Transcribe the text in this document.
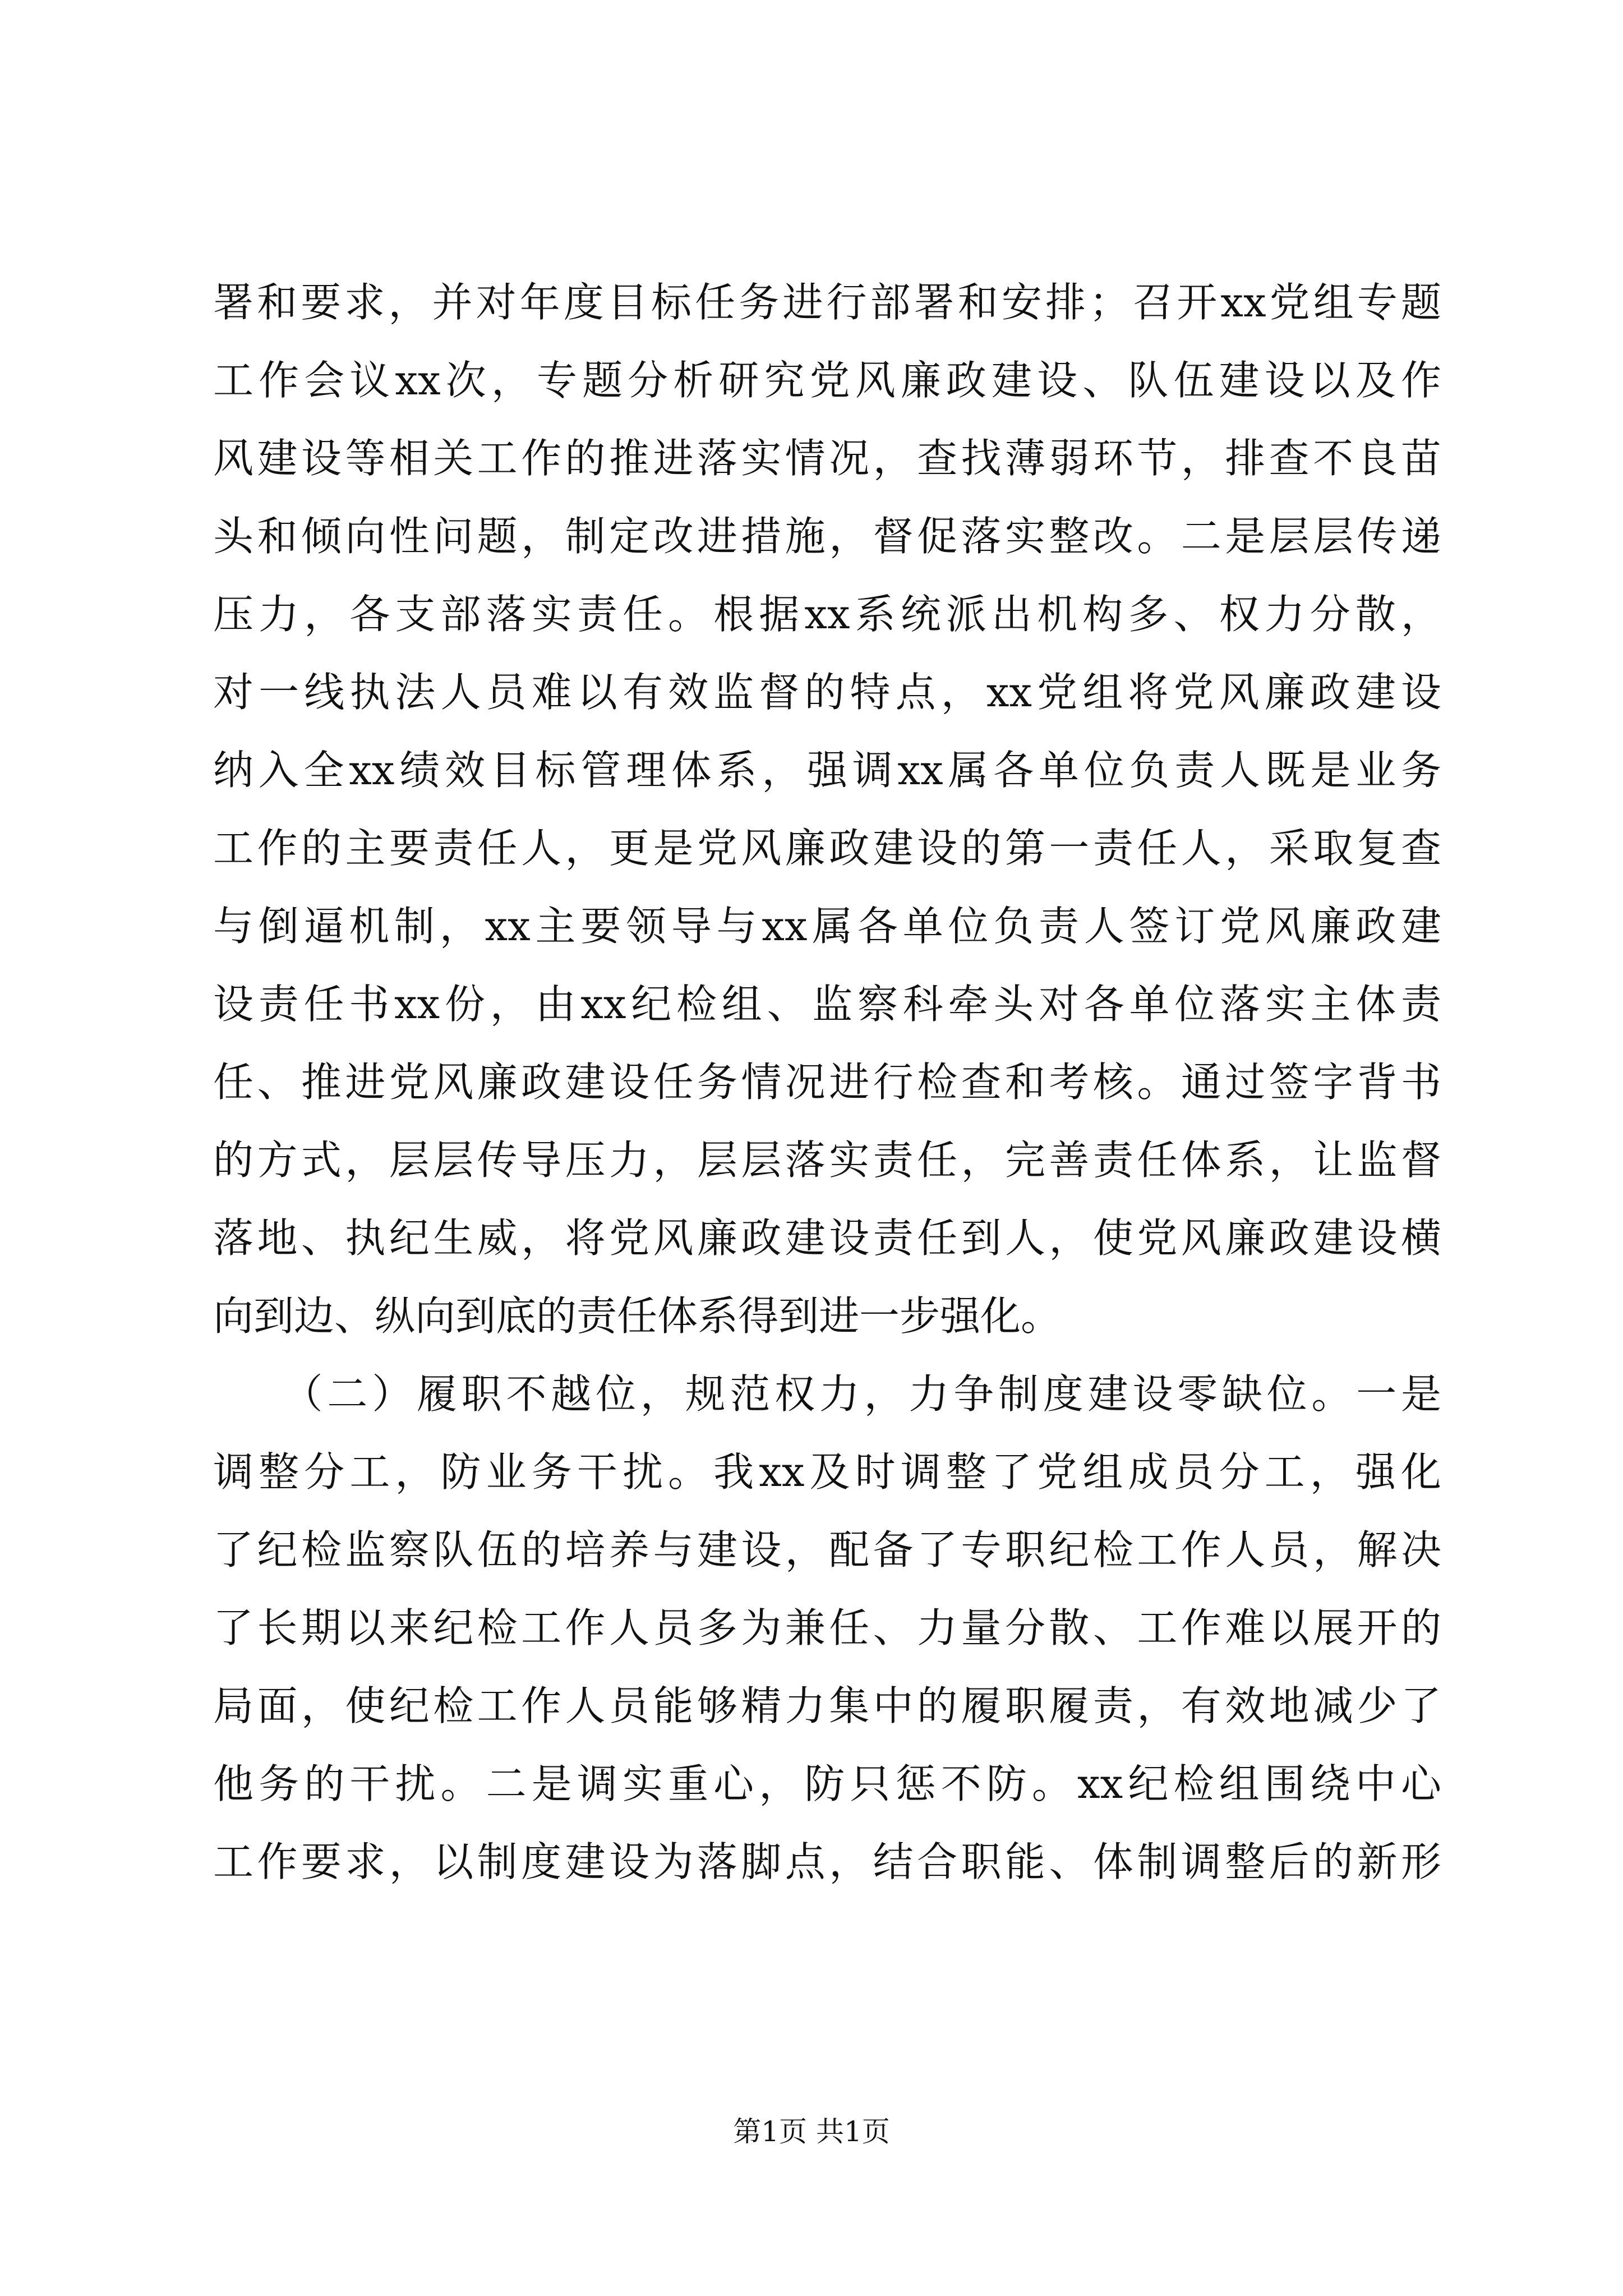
署和要求，并对年度目标任务进行部署和安排；召开xx党组专题
工作会议xx次，专题分析研究党风廉政建设、队伍建设以及作
风建设等相关工作的推进落实情况，查找薄弱环节，排查不良苗
头和倾向性问题，制定改进措施，督促落实整改。二是层层传递
压力，各支部落实责任。根据xx系统派出机构多、权力分散，
对一线执法人员难以有效监督的特点，xx党组将党风廉政建设
纳入全xx绩效目标管理体系，强调xx属各单位负责人既是业务
工作的主要责任人，更是党风廉政建设的第一责任人，采取复查
与倒逼机制，xx主要领导与xx属各单位负责人签订党风廉政建
设责任书xx份，由xx纪检组、监察科牵头对各单位落实主体责
任、推进党风廉政建设任务情况进行检查和考核。通过签字背书
的方式，层层传导压力，层层落实责任，完善责任体系，让监督
落地、执纪生威，将党风廉政建设责任到人，使党风廉政建设横
向到边、纵向到底的责任体系得到进一步强化。
　　（二）履职不越位，规范权力，力争制度建设零缺位。一是
调整分工，防业务干扰。我xx及时调整了党组成员分工，强化
了纪检监察队伍的培养与建设，配备了专职纪检工作人员，解决
了长期以来纪检工作人员多为兼任、力量分散、工作难以展开的
局面，使纪检工作人员能够精力集中的履职履责，有效地减少了
他务的干扰。二是调实重心，防只惩不防。xx纪检组围绕中心
工作要求，以制度建设为落脚点，结合职能、体制调整后的新形
第1页 共1页
